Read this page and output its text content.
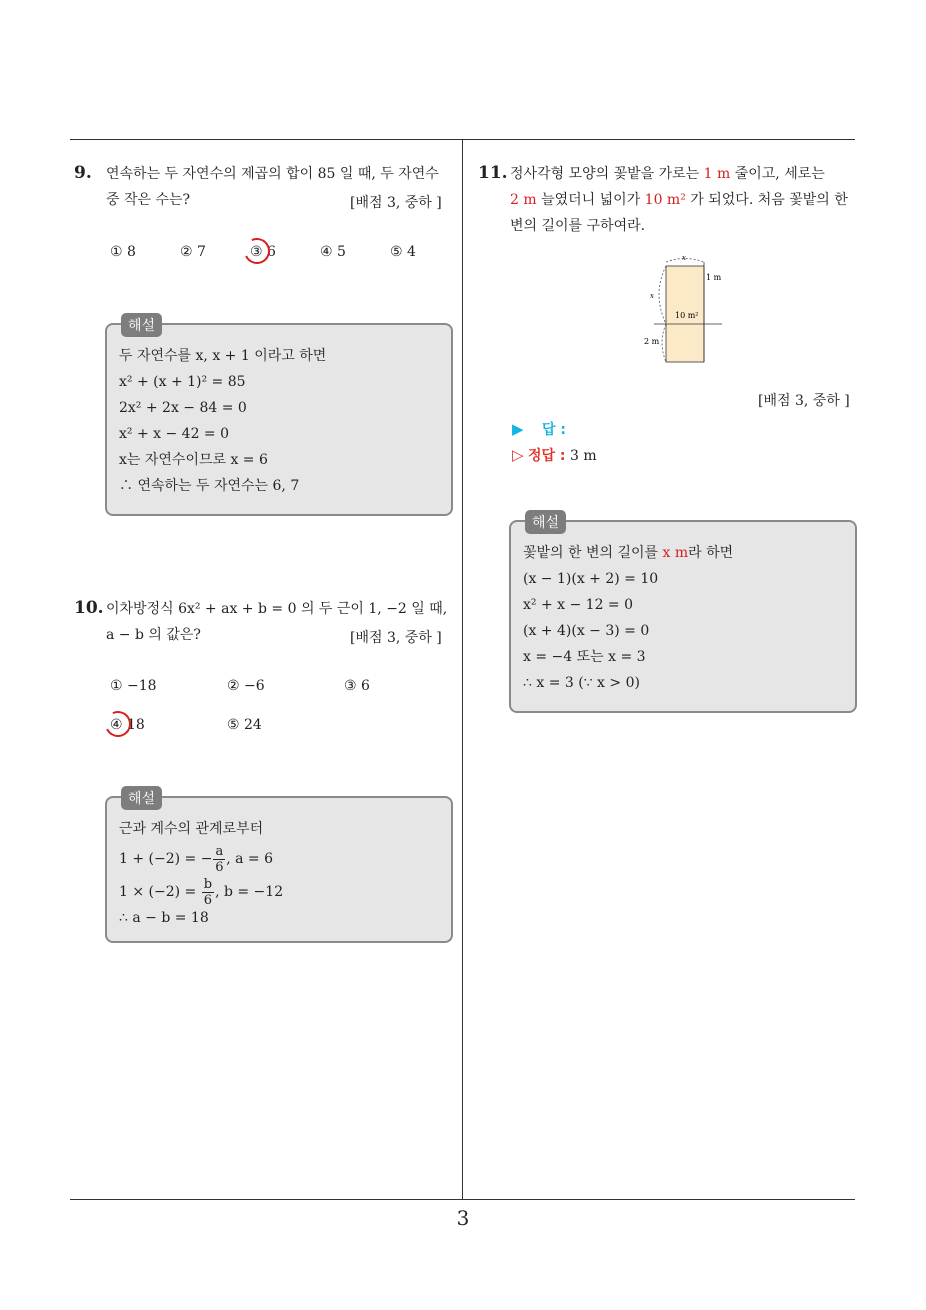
9. 연속하는 두 자연수의 제곱의 합이 85 일 때, 두 자연수
중 작은 수는?	[배점 3, 중하 ]
① 8	② 7	③ 6	④ 5	⑤ 4
해설
두 자연수를 x, x + 1 이라고 하면
x² + (x + 1)² = 85
2x² + 2x − 84 = 0
x² + x − 42 = 0
x는 자연수이므로 x = 6
∴ 연속하는 두 자연수는 6, 7
10. 이차방정식 6x² + ax + b = 0 의 두 근이 1, −2 일 때,
a − b 의 값은?	[배점 3, 중하 ]
① −18	② −6	③ 6
④ 18	⑤ 24
해설
근과 계수의 관계로부터
1 + (−2) = − $\frac{a}{6}$ , a = 6
$1 \times (-2) = \frac{b}{6}$ , b = −12
∴ a − b = 18
11. 정사각형 모양의 꽃밭을 가로는 1 m 줄이고, 세로는
2 m 늘였더니 넓이가 10 m² 가 되었다. 처음 꽃밭의 한
변의 길이를 구하여라.
x
x
1 m
10 m²
2 m
[배점 3, 중하 ]
▶ 답 :
▷ 정답 : 3 m
해설
꽃밭의 한 변의 길이를 x m라 하면
(x − 1)(x + 2) = 10
x² + x − 12 = 0
(x + 4)(x − 3) = 0
x = −4 또는 x = 3
∴ x = 3 (∵ x > 0)
3
